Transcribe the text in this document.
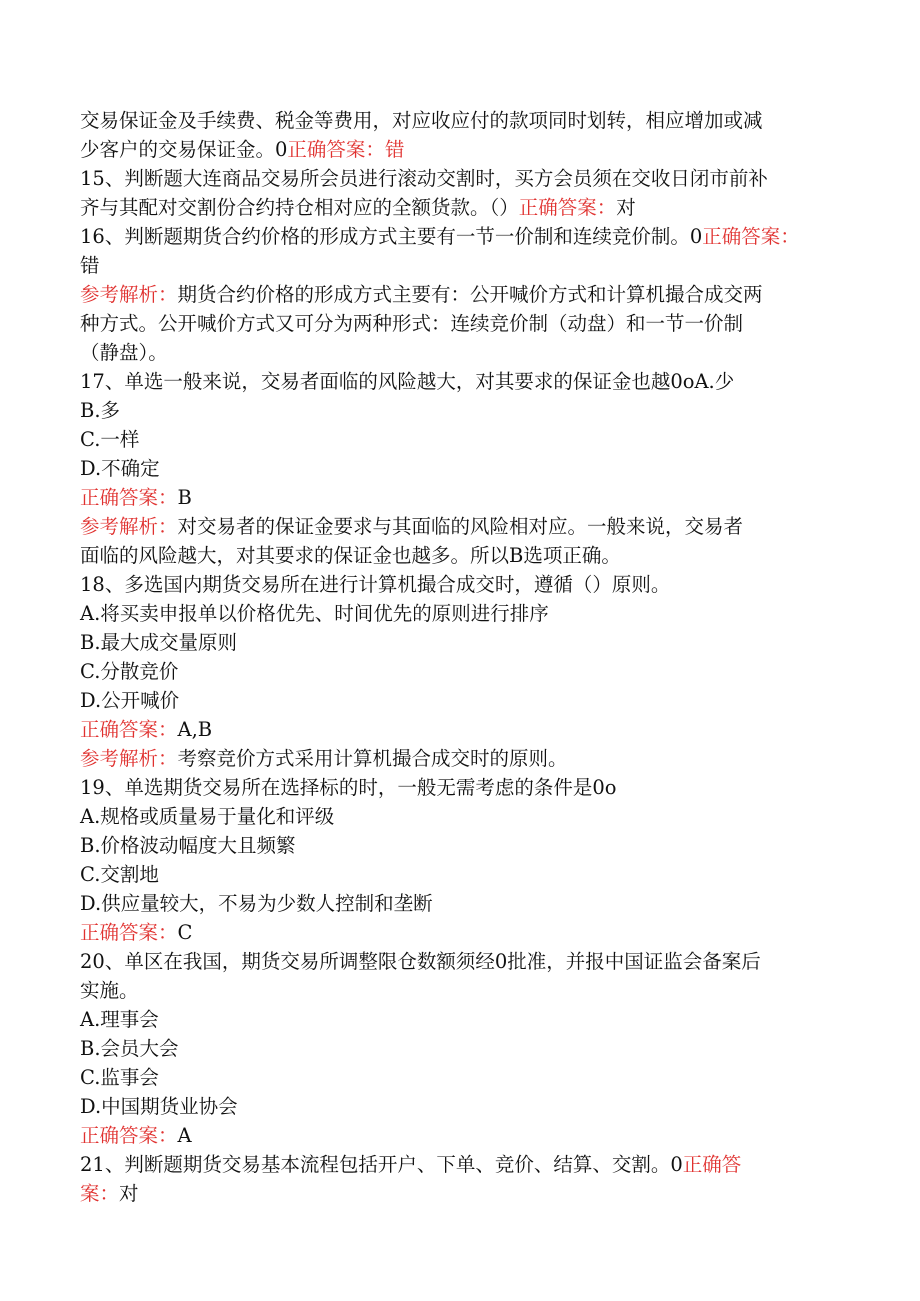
交易保证金及手续费、税金等费用，对应收应付的款项同时划转，相应增加或减
少客户的交易保证金。0正确答案：错

15、判断题大连商品交易所会员进行滚动交割时，买方会员须在交收日闭市前补
齐与其配对交割份合约持仓相对应的全额货款。（）正确答案：对

16、判断题期货合约价格的形成方式主要有一节一价制和连续竞价制。0正确答案：
错

参考解析：期货合约价格的形成方式主要有：公开喊价方式和计算机撮合成交两
种方式。公开喊价方式又可分为两种形式：连续竞价制（动盘）和一节一价制
（静盘）。

17、单选一般来说，交易者面临的风险越大，对其要求的保证金也越0oA.少

B.多

C.一样

D.不确定

正确答案：B

参考解析：对交易者的保证金要求与其面临的风险相对应。一般来说，交易者
面临的风险越大，对其要求的保证金也越多。所以B选项正确。

18、多选国内期货交易所在进行计算机撮合成交时，遵循（）原则。

A.将买卖申报单以价格优先、时间优先的原则进行排序

B.最大成交量原则

C.分散竞价

D.公开喊价

正确答案：A,B

参考解析：考察竞价方式采用计算机撮合成交时的原则。

19、单选期货交易所在选择标的时，一般无需考虑的条件是0o

A.规格或质量易于量化和评级

B.价格波动幅度大且频繁

C.交割地

D.供应量较大，不易为少数人控制和垄断

正确答案：C

20、单区在我国，期货交易所调整限仓数额须经0批准，并报中国证监会备案后
实施。

A.理事会

B.会员大会

C.监事会

D.中国期货业协会

正确答案：A

21、判断题期货交易基本流程包括开户、下单、竞价、结算、交割。0正确答
案：对
